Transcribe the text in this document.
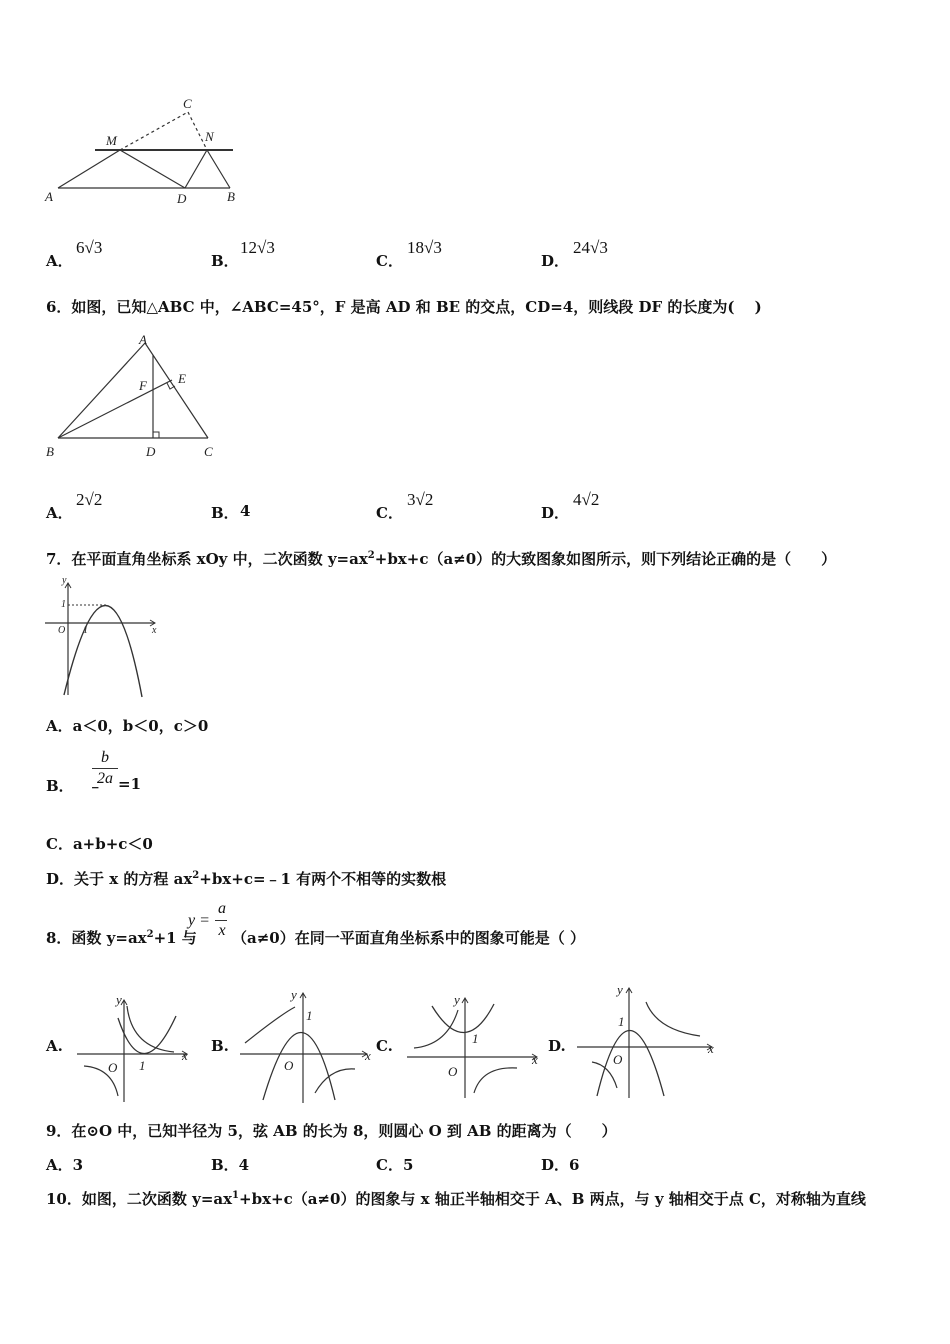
C
M	N
A	D	B
A．
6√3
B．
12√3
C．
18√3
D．
24√3
6．如图，已知△ABC 中，∠ABC=45°，F 是高 AD 和 BE 的交点，CD=4，则线段 DF 的长度为(　 )
A
F E
B	D	C
A．
2√2
B． 4	C．
3√2
D．
4√2
7．在平面直角坐标系 xOy 中，二次函数 $y=ax^2+bx+c(a\ne 0)$的大致图象如图所示，则下列结论正确的是（　　）
y
x
O
1
1
A．a＜0，b＜0，c＞0
B． ﹣
$\frac{b}{2a} =1$
C．a+b+c＜0
D．关于 x 的方程 $ax^2+bx+c=﹣1$ 有两个不相等的实数根
8．函数 $y=ax^2+1$ 与
y =
a
x （a≠0）在同一平面直角坐标系中的图象可能是（ ）
A.	B.	C.	D.
y
x
O 1
y
x
O
1
y
x
O
1
y
x
O
1
9．在⊙O 中，已知半径为 5，弦 AB 的长为 8，则圆心 O 到 AB 的距离为（　　）
A．3	B．4	C．5	D．6
10．如图，二次函数 $y=ax^1+bx+c(a\ne 0)$的图象与 x 轴正半轴相交于 A、B 两点，与 y 轴相交于点 C，对称轴为直线
